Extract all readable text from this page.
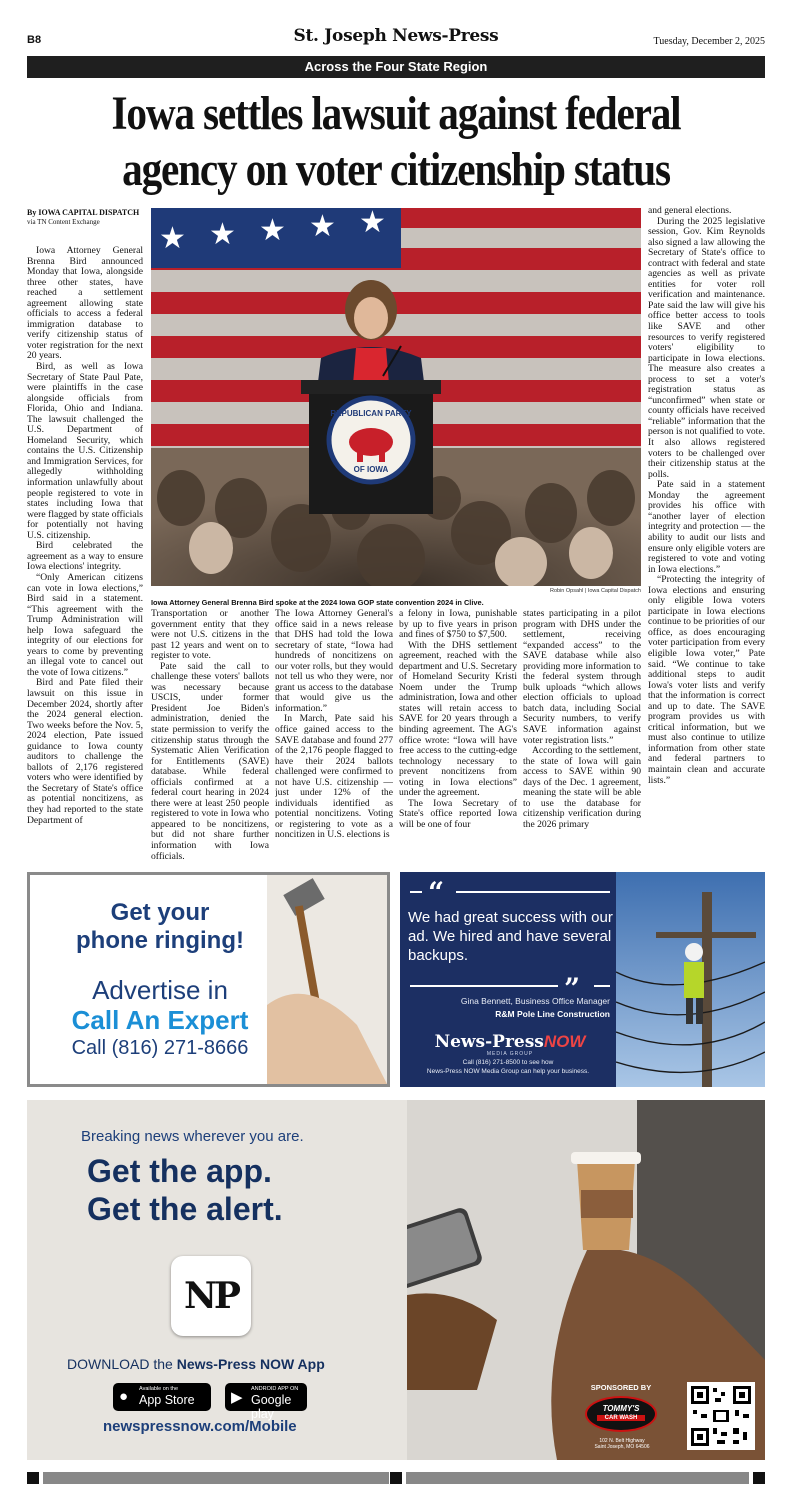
B8	St. Joseph News-Press	Tuesday, December 2, 2025
Across the Four State Region
Iowa settles lawsuit against federal
agency on voter citizenship status
By IOWA CAPITAL DISPATCH
via TN Content Exchange

Iowa Attorney General Brenna Bird announced Monday that Iowa, alongside three other states, have reached a settlement agreement allowing state officials to access a federal immigration database to verify citizenship status of voter registration for the next 20 years.

Bird, as well as Iowa Secretary of State Paul Pate, were plaintiffs in the case alongside officials from Florida, Ohio and Indiana. The lawsuit challenged the U.S. Department of Homeland Security, which contains the U.S. Citizenship and Immigration Services, for allegedly withholding information unlawfully about people registered to vote in states including Iowa that were flagged by state officials for potentially not having U.S. citizenship.

Bird celebrated the agreement as a way to ensure Iowa elections' integrity.

“Only American citizens can vote in Iowa elections,” Bird said in a statement. “This agreement with the Trump Administration will help Iowa safeguard the integrity of our elections for years to come by preventing an illegal vote to cancel out the vote of Iowa citizens.”

Bird and Pate filed their lawsuit on this issue in December 2024, shortly after the 2024 general election. Two weeks before the Nov. 5, 2024 election, Pate issued guidance to Iowa county auditors to challenge the ballots of 2,176 registered voters who were identified by the Secretary of State's office as potential noncitizens, as they had reported to the state Department of

Transportation or another government entity that they were not U.S. citizens in the past 12 years and went on to register to vote.

Pate said the call to challenge these voters' ballots was necessary because USCIS, under former President Joe Biden's administration, denied the state permission to verify the citizenship status through the Systematic Alien Verification for Entitlements (SAVE) database. While federal officials confirmed at a federal court hearing in 2024 there were at least 250 people registered to vote in Iowa who appeared to be noncitizens, but did not share further information with Iowa officials.

The Iowa Attorney General's office said in a news release that DHS had told the Iowa secretary of state, “Iowa had hundreds of noncitizens on our voter rolls, but they would not tell us who they were, nor grant us access to the database that would give us the information.”

In March, Pate said his office gained access to the SAVE database and found 277 of the 2,176 people flagged to have their 2024 ballots challenged were confirmed to not have U.S. citizenship — just under 12% of the individuals identified as potential noncitizens. Voting or registering to vote as a noncitizen in U.S. elections is

a felony in Iowa, punishable by up to five years in prison and fines of $750 to $7,500.

With the DHS settlement agreement, reached with the department and U.S. Secretary of Homeland Security Kristi Noem under the Trump administration, Iowa and other states will retain access to SAVE for 20 years through a binding agreement. The AG's office wrote: “Iowa will have free access to the cutting-edge technology necessary to prevent noncitizens from voting in Iowa elections” under the agreement.

The Iowa Secretary of State's office reported Iowa will be one of four

states participating in a pilot program with DHS under the settlement, receiving “expanded access” to the SAVE database while also providing more information to the federal system through bulk uploads “which allows election officials to upload batch data, including Social Security numbers, to verify SAVE information against voter registration lists.”

According to the settlement, the state of Iowa will gain access to SAVE within 90 days of the Dec. 1 agreement, meaning the state will be able to use the database for citizenship verification during the 2026 primary

and general elections.

During the 2025 legislative session, Gov. Kim Reynolds also signed a law allowing the Secretary of State's office to contract with federal and state agencies as well as private entities for voter roll verification and maintenance. Pate said the law will give his office better access to tools like SAVE and other resources to verify registered voters' eligibility to participate in Iowa elections. The measure also creates a process to set a voter's registration status as “unconfirmed” when state or county officials have received “reliable” information that the person is not qualified to vote. It also allows registered voters to be challenged over their citizenship status at the polls.

Pate said in a statement Monday the agreement provides his office with “another layer of election integrity and protection — the ability to audit our lists and ensure only eligible voters are registered to vote and voting in Iowa elections.”

“Protecting the integrity of Iowa elections and ensuring only eligible Iowa voters participate in Iowa elections continue to be priorities of our office, as does encouraging voter participation from every eligible Iowa voter,” Pate said. “We continue to take additional steps to audit Iowa's voter lists and verify that the information is correct and up to date. The SAVE program provides us with critical information, but we must also continue to utilize information from other state and federal partners to maintain clean and accurate lists.”

★ ★ ★ ★ ★
REPUBLICAN PARTY
OF IOWA
Robin Opsahl | Iowa Capital Dispatch
Iowa Attorney General Brenna Bird spoke at the 2024 Iowa GOP state convention 2024 in Clive.
Get your
phone ringing!
Advertise in
Call An Expert
Call (816) 271-8666
“
”
We had great success with our ad. We hired and have several backups.
Gina Bennett, Business Office Manager
R&M Pole Line Construction
News-PressNOW
MEDIA GROUP
Call (816) 271-8500 to see how
News-Press NOW Media Group can help your business.
Breaking news wherever you are.
Get the app.
Get the alert.
NP
DOWNLOAD the News-Press NOW App
● Available on the
App Store ▶ ANDROID APP ON
Google play
newspressnow.com/Mobile
SPONSORED BY
TOMMY'S
CAR WASH
102 N. Belt Highway
Saint Joseph, MO 64506
